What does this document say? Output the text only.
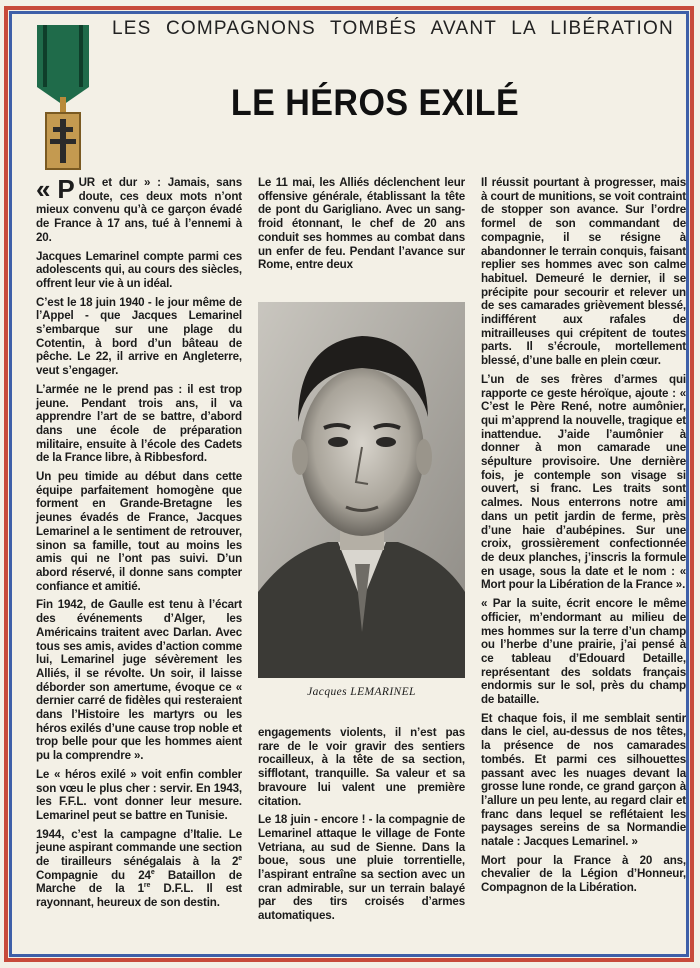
LES COMPAGNONS TOMBÉS AVANT LA LIBÉRATION
LE HÉROS EXILÉ

« P UR et dur » : Jamais, sans doute, ces deux mots n’ont mieux convenu qu’à ce garçon évadé de France à 17 ans, tué à l’ennemi à 20.

Jacques Lemarinel compte parmi ces adolescents qui, au cours des siècles, offrent leur vie à un idéal.

C’est le 18 juin 1940 - le jour même de l’Appel - que Jacques Lemarinel s’embarque sur une plage du Cotentin, à bord d’un bâteau de pêche. Le 22, il arrive en Angleterre, veut s’engager.

L’armée ne le prend pas : il est trop jeune. Pendant trois ans, il va apprendre l’art de se battre, d’abord dans une école de préparation militaire, ensuite à l’école des Cadets de la France libre, à Ribbesford.

Un peu timide au début dans cette équipe parfaitement homogène que forment en Grande-Bretagne les jeunes évadés de France, Jacques Lemarinel a le sentiment de retrouver, sinon sa famille, tout au moins les amis qui ne l’ont pas suivi. D’un abord réservé, il donne sans compter confiance et amitié.

Fin 1942, de Gaulle est tenu à l’écart des événements d’Alger, les Américains traitent avec Darlan. Avec tous ses amis, avides d’action comme lui, Lemarinel juge sévèrement les Alliés, il se révolte. Un soir, il laisse déborder son amertume, évoque ce « dernier carré de fidèles qui resteraient dans l’Histoire les martyrs ou les héros exilés d’une cause trop noble et trop belle pour que les hommes aient pu la comprendre ».

Le « héros exilé » voit enfin combler son vœu le plus cher : servir. En 1943, les F.F.L. vont donner leur mesure. Lemarinel peut se battre en Tunisie.

1944, c’est la campagne d’Italie. Le jeune aspirant commande une section de tirailleurs sénégalais à la 2e Compagnie du 24e Bataillon de Marche de la 1re D.F.L. Il est rayonnant, heureux de son destin.

Le 11 mai, les Alliés déclenchent leur offensive générale, établissant la tête de pont du Garigliano. Avec un sang-froid étonnant, le chef de 20 ans conduit ses hommes au combat dans un enfer de feu. Pendant l’avance sur Rome, entre deux

Jacques LEMARINEL

engagements violents, il n’est pas rare de le voir gravir des sentiers rocailleux, à la tête de sa section, sifflotant, tranquille. Sa valeur et sa bravoure lui valent une première citation.

Le 18 juin - encore ! - la compagnie de Lemarinel attaque le village de Fonte Vetriana, au sud de Sienne. Dans la boue, sous une pluie torrentielle, l’aspirant entraîne sa section avec un cran admirable, sur un terrain balayé par des tirs croisés d’armes automatiques.

Il réussit pourtant à progresser, mais à court de munitions, se voit contraint de stopper son avance. Sur l’ordre formel de son commandant de compagnie, il se résigne à abandonner le terrain conquis, faisant replier ses hommes avec son calme habituel. Demeuré le dernier, il se précipite pour secourir et relever un de ses camarades grièvement blessé, indifférent aux rafales de mitrailleuses qui crépitent de toutes parts. Il s’écroule, mortellement blessé, d’une balle en plein cœur.

L’un de ses frères d’armes qui rapporte ce geste héroïque, ajoute : « C’est le Père René, notre aumônier, qui m’apprend la nouvelle, tragique et inattendue. J’aide l’aumônier à donner à mon camarade une sépulture provisoire. Une dernière fois, je contemple son visage si ouvert, si franc. Les traits sont calmes. Nous enterrons notre ami dans un petit jardin de ferme, près d’une haie d’aubépines. Sur une croix, grossièrement confectionnée de deux planches, j’inscris la formule en usage, sous la date et le nom : « Mort pour la Libération de la France ».

« Par la suite, écrit encore le même officier, m’endormant au milieu de mes hommes sur la terre d’un champ ou l’herbe d’une prairie, j’ai pensé à ce tableau d’Edouard Detaille, représentant des soldats français endormis sur le sol, près du champ de bataille.

Et chaque fois, il me semblait sentir dans le ciel, au-dessus de nos têtes, la présence de nos camarades tombés. Et parmi ces silhouettes passant avec les nuages devant la grosse lune ronde, ce grand garçon à l’allure un peu lente, au regard clair et franc dans lequel se reflétaient les paysages sereins de sa Normandie natale : Jacques Lemarinel. »

Mort pour la France à 20 ans, chevalier de la Légion d’Honneur, Compagnon de la Libération.
